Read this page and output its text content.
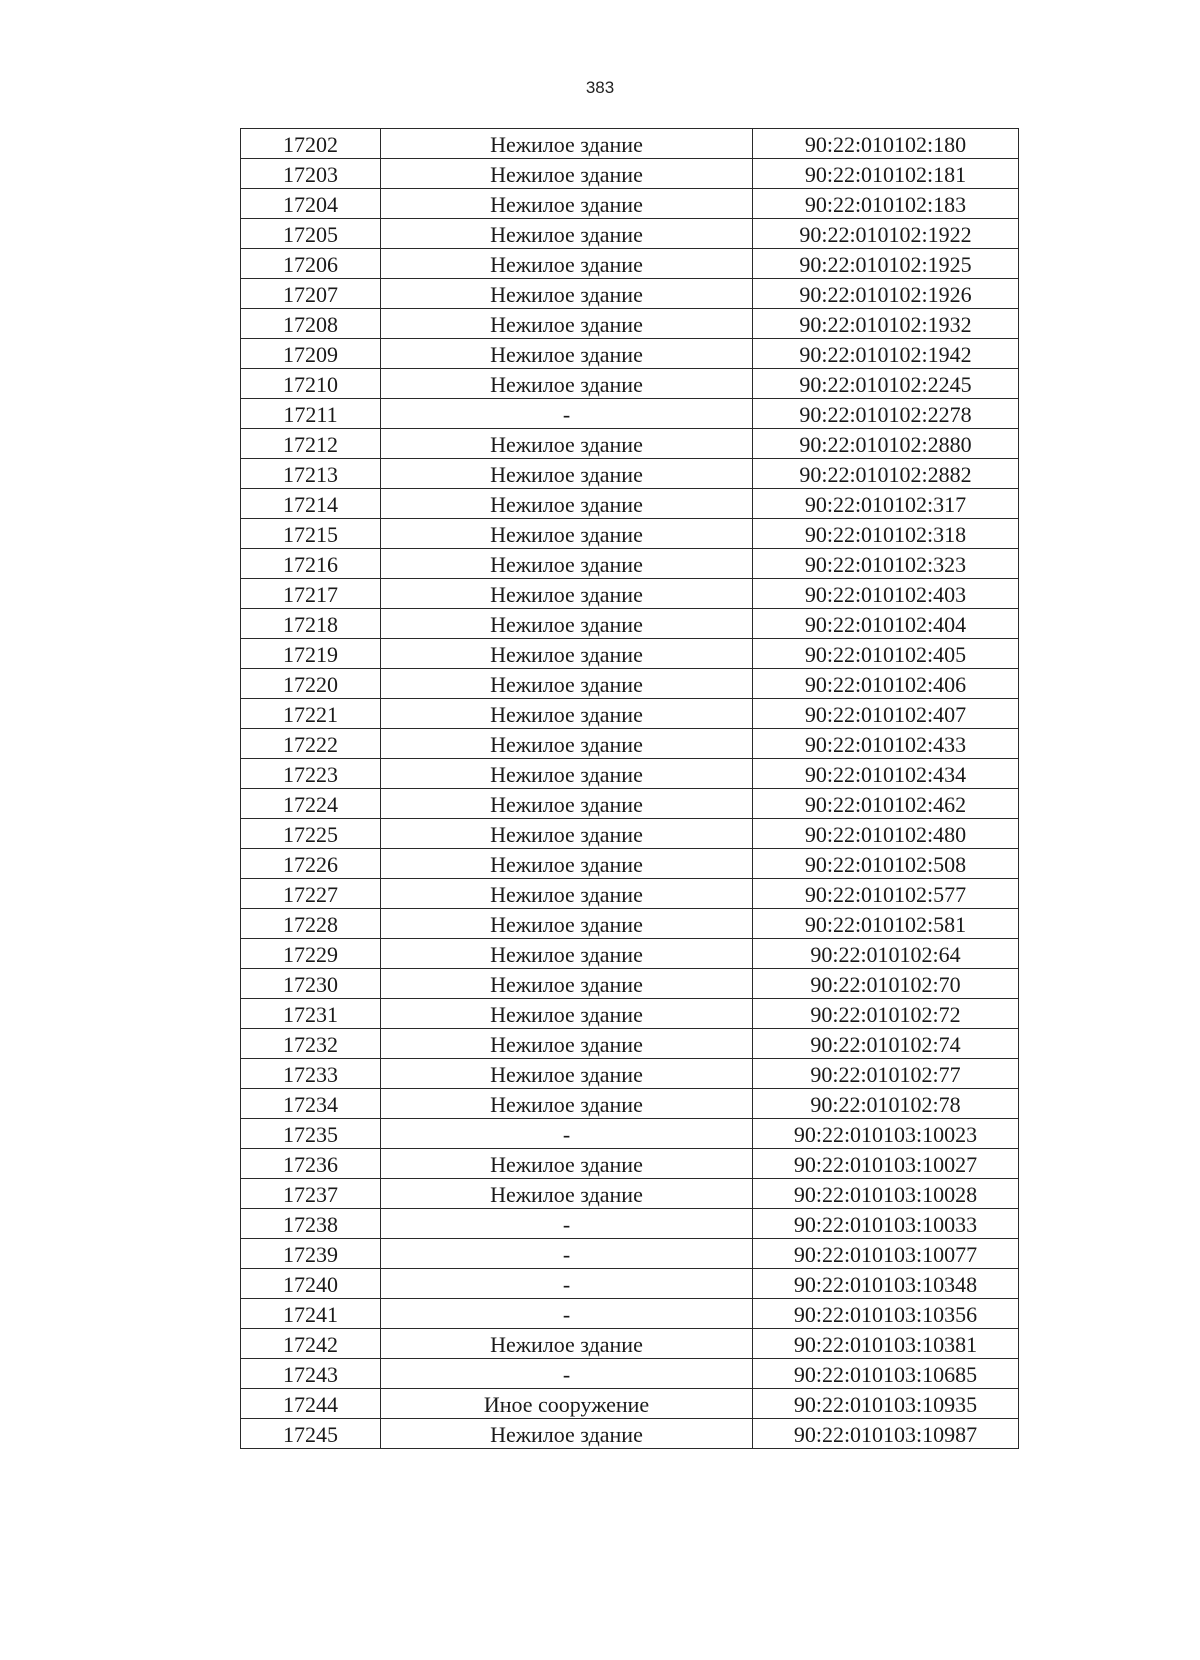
383
17202	Нежилое здание	90:22:010102:180
17203	Нежилое здание	90:22:010102:181
17204	Нежилое здание	90:22:010102:183
17205	Нежилое здание	90:22:010102:1922
17206	Нежилое здание	90:22:010102:1925
17207	Нежилое здание	90:22:010102:1926
17208	Нежилое здание	90:22:010102:1932
17209	Нежилое здание	90:22:010102:1942
17210	Нежилое здание	90:22:010102:2245
17211	-	90:22:010102:2278
17212	Нежилое здание	90:22:010102:2880
17213	Нежилое здание	90:22:010102:2882
17214	Нежилое здание	90:22:010102:317
17215	Нежилое здание	90:22:010102:318
17216	Нежилое здание	90:22:010102:323
17217	Нежилое здание	90:22:010102:403
17218	Нежилое здание	90:22:010102:404
17219	Нежилое здание	90:22:010102:405
17220	Нежилое здание	90:22:010102:406
17221	Нежилое здание	90:22:010102:407
17222	Нежилое здание	90:22:010102:433
17223	Нежилое здание	90:22:010102:434
17224	Нежилое здание	90:22:010102:462
17225	Нежилое здание	90:22:010102:480
17226	Нежилое здание	90:22:010102:508
17227	Нежилое здание	90:22:010102:577
17228	Нежилое здание	90:22:010102:581
17229	Нежилое здание	90:22:010102:64
17230	Нежилое здание	90:22:010102:70
17231	Нежилое здание	90:22:010102:72
17232	Нежилое здание	90:22:010102:74
17233	Нежилое здание	90:22:010102:77
17234	Нежилое здание	90:22:010102:78
17235	-	90:22:010103:10023
17236	Нежилое здание	90:22:010103:10027
17237	Нежилое здание	90:22:010103:10028
17238	-	90:22:010103:10033
17239	-	90:22:010103:10077
17240	-	90:22:010103:10348
17241	-	90:22:010103:10356
17242	Нежилое здание	90:22:010103:10381
17243	-	90:22:010103:10685
17244	Иное сооружение	90:22:010103:10935
17245	Нежилое здание	90:22:010103:10987
